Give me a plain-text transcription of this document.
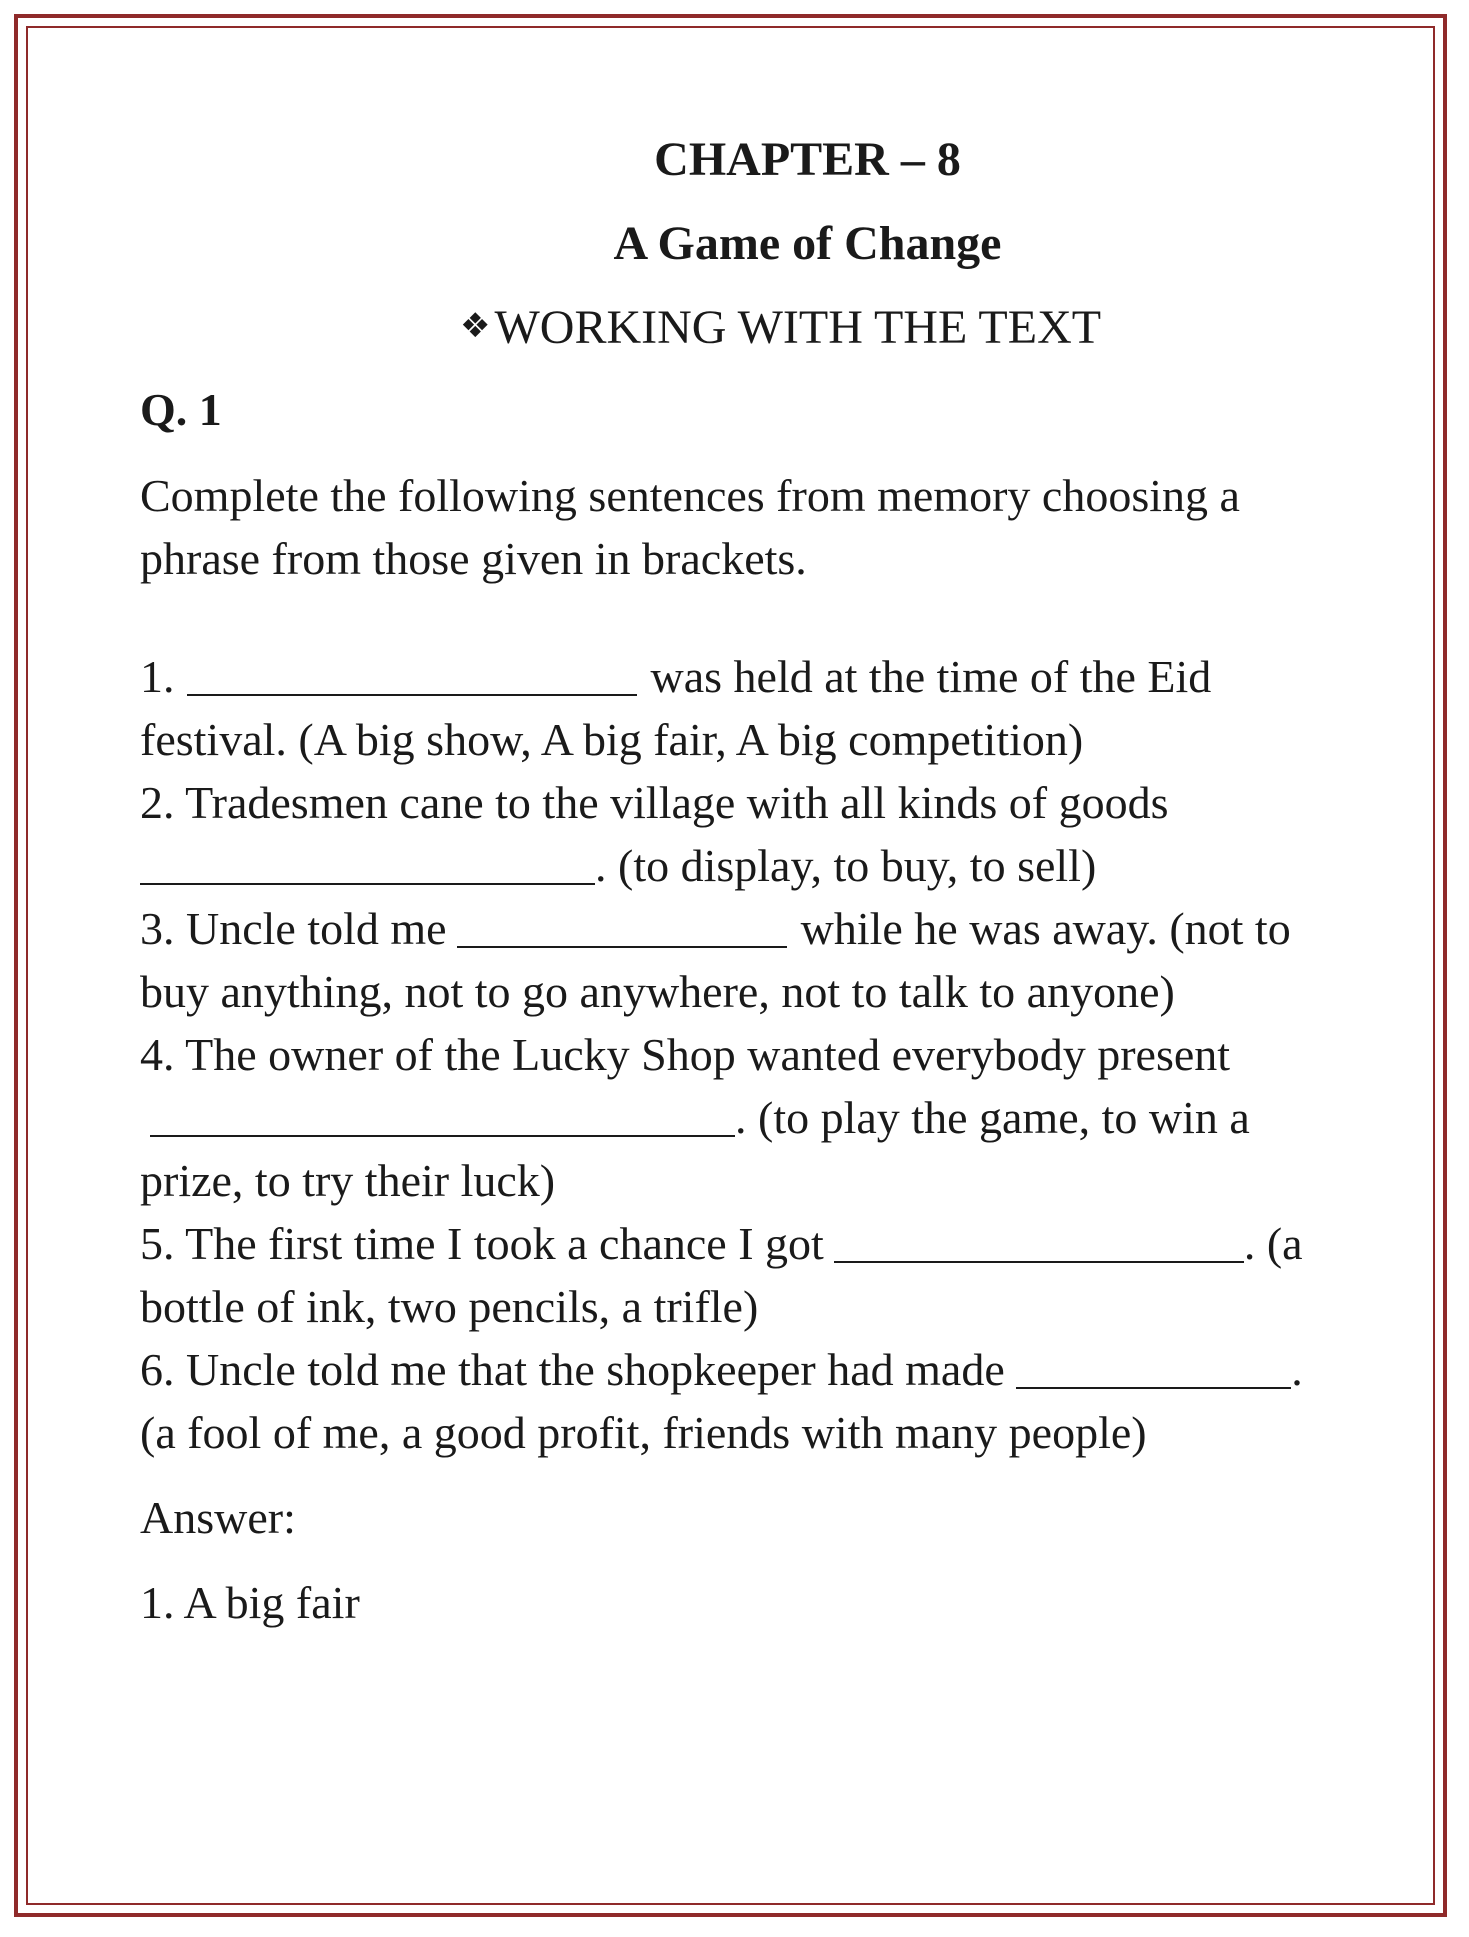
CHAPTER – 8
A Game of Change
❖WORKING WITH THE TEXT
Q. 1
Complete the following sentences from memory choosing a phrase from those given in brackets.
1.	was held at the time of the Eid festival. (A big show, A big fair, A big competition)
2. Tradesmen cane to the village with all kinds of goods . (to display, to buy, to sell)
3. Uncle told me	while he was away. (not to buy anything, not to go anywhere, not to talk to anyone)
4. The owner of the Lucky Shop wanted everybody present. (to play the game, to win a prize, to try their luck)
5. The first time I took a chance I got	. (a bottle of ink, two pencils, a trifle)
6. Uncle told me that the shopkeeper had made	. (a fool of me, a good profit, friends with many people)
Answer:
1. A big fair
